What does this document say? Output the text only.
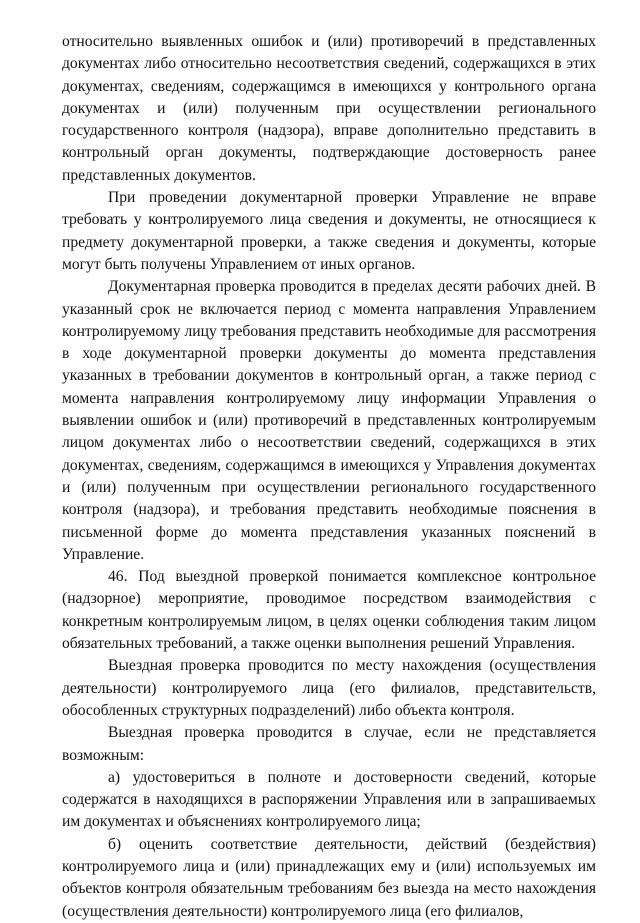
относительно выявленных ошибок и (или) противоречий в представленных документах либо относительно несоответствия сведений, содержащихся в этих документах, сведениям, содержащимся в имеющихся у контрольного органа документах и (или) полученным при осуществлении регионального государственного контроля (надзора), вправе дополнительно представить в контрольный орган документы, подтверждающие достоверность ранее представленных документов.

При проведении документарной проверки Управление не вправе требовать у контролируемого лица сведения и документы, не относящиеся к предмету документарной проверки, а также сведения и документы, которые могут быть получены Управлением от иных органов.

Документарная проверка проводится в пределах десяти рабочих дней. В указанный срок не включается период с момента направления Управлением контролируемому лицу требования представить необходимые для рассмотрения в ходе документарной проверки документы до момента представления указанных в требовании документов в контрольный орган, а также период с момента направления контролируемому лицу информации Управления о выявлении ошибок и (или) противоречий в представленных контролируемым лицом документах либо о несоответствии сведений, содержащихся в этих документах, сведениям, содержащимся в имеющихся у Управления документах и (или) полученным при осуществлении регионального государственного контроля (надзора), и требования представить необходимые пояснения в письменной форме до момента представления указанных пояснений в Управление.

46. Под выездной проверкой понимается комплексное контрольное (надзорное) мероприятие, проводимое посредством взаимодействия с конкретным контролируемым лицом, в целях оценки соблюдения таким лицом обязательных требований, а также оценки выполнения решений Управления.

Выездная проверка проводится по месту нахождения (осуществления деятельности) контролируемого лица (его филиалов, представительств, обособленных структурных подразделений) либо объекта контроля.

Выездная проверка проводится в случае, если не представляется возможным:

а) удостовериться в полноте и достоверности сведений, которые содержатся в находящихся в распоряжении Управления или в запрашиваемых им документах и объяснениях контролируемого лица;

б) оценить соответствие деятельности, действий (бездействия) контролируемого лица и (или) принадлежащих ему и (или) используемых им объектов контроля обязательным требованиям без выезда на место нахождения (осуществления деятельности) контролируемого лица (его филиалов,
